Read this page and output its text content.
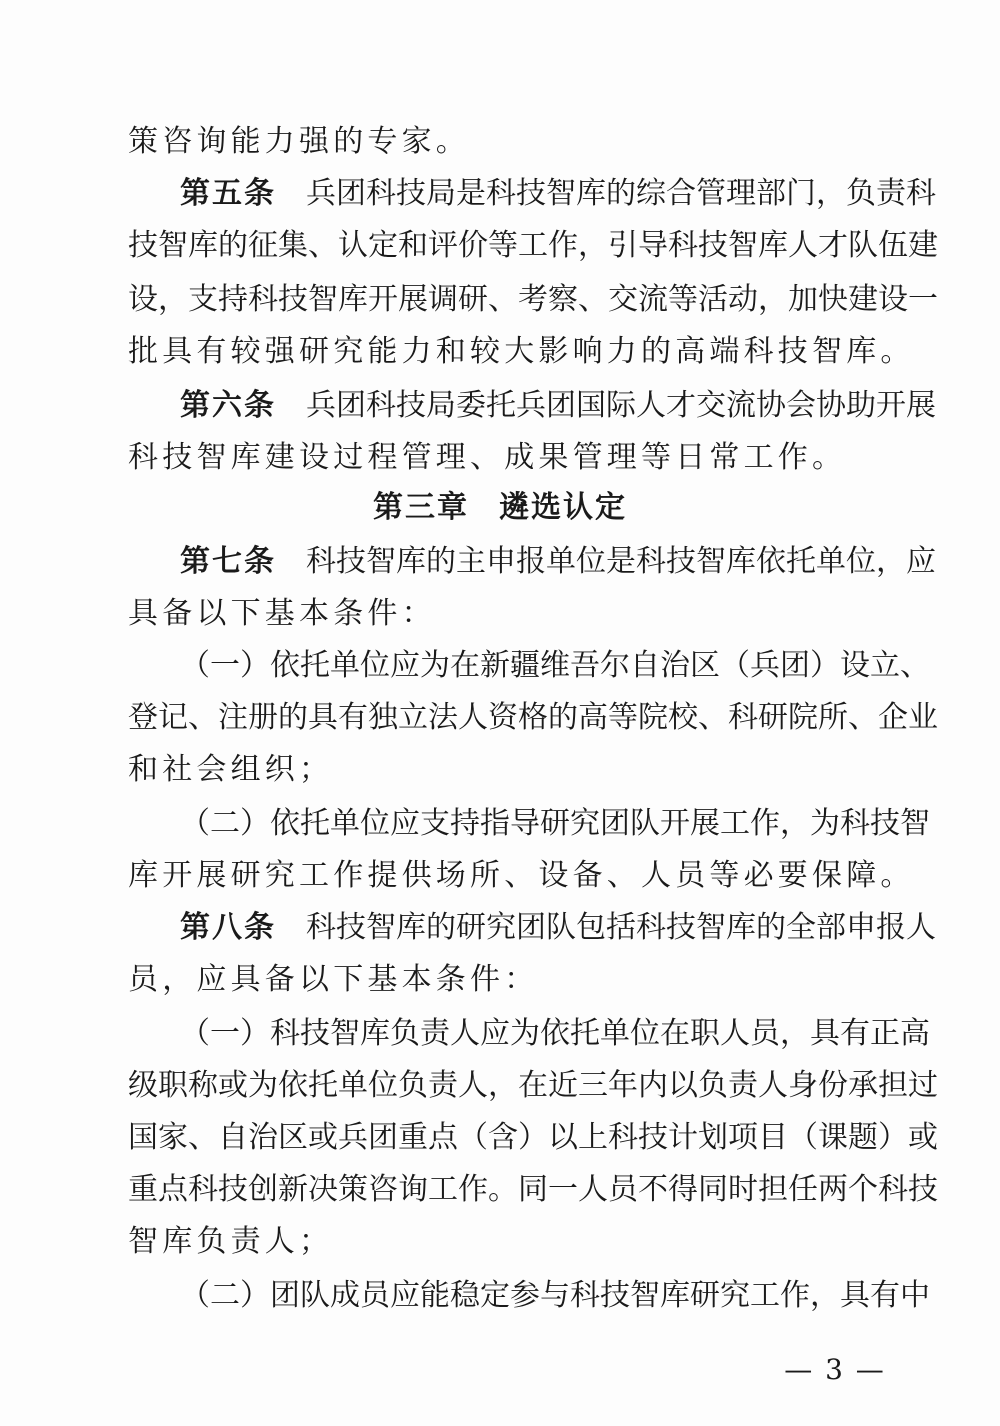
策咨询能力强的专家。
第五条 兵团科技局是科技智库的综合管理部门，负责科
技智库的征集、认定和评价等工作，引导科技智库人才队伍建
设，支持科技智库开展调研、考察、交流等活动，加快建设一
批具有较强研究能力和较大影响力的高端科技智库。
第六条 兵团科技局委托兵团国际人才交流协会协助开展
科技智库建设过程管理、成果管理等日常工作。
第三章 遴选认定
第七条 科技智库的主申报单位是科技智库依托单位，应
具备以下基本条件：
（一）依托单位应为在新疆维吾尔自治区（兵团）设立、
登记、注册的具有独立法人资格的高等院校、科研院所、企业
和社会组织；
（二）依托单位应支持指导研究团队开展工作，为科技智
库开展研究工作提供场所、设备、人员等必要保障。
第八条 科技智库的研究团队包括科技智库的全部申报人
员，应具备以下基本条件：
（一）科技智库负责人应为依托单位在职人员，具有正高
级职称或为依托单位负责人，在近三年内以负责人身份承担过
国家、自治区或兵团重点（含）以上科技计划项目（课题）或
重点科技创新决策咨询工作。同一人员不得同时担任两个科技
智库负责人；
（二）团队成员应能稳定参与科技智库研究工作，具有中
— 3 —
